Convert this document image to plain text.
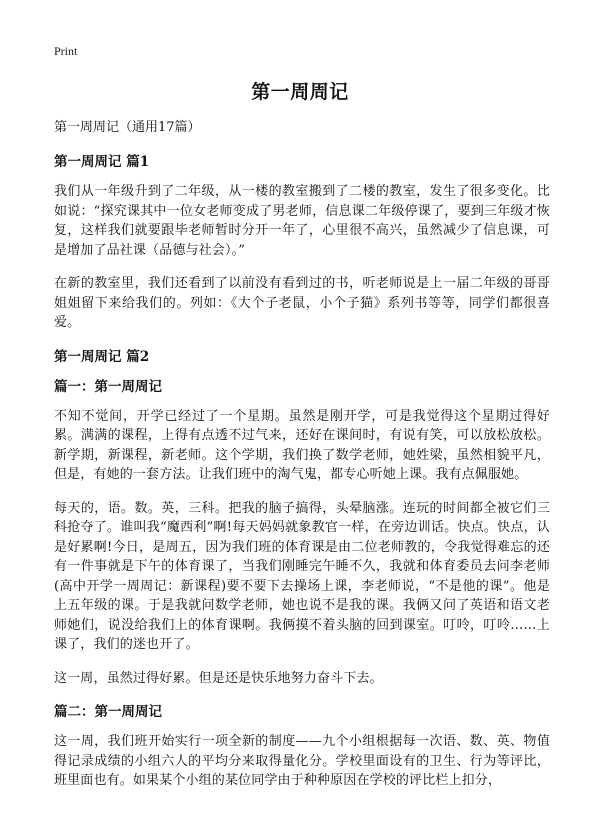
Print
第一周周记

第一周周记（通用17篇）

第一周周记 篇1

我们从一年级升到了二年级，从一楼的教室搬到了二楼的教室，发生了很多变化。比如说：“探究课其中一位女老师变成了男老师，信息课二年级停课了，要到三年级才恢复，这样我们就要跟毕老师暂时分开一年了，心里很不高兴，虽然减少了信息课，可是增加了品社课（品德与社会）。”

在新的教室里，我们还看到了以前没有看到过的书，听老师说是上一届二年级的哥哥姐姐留下来给我们的。列如：《大个子老鼠，小个子猫》系列书等等，同学们都很喜爱。

第一周周记 篇2

篇一：第一周周记

不知不觉间，开学已经过了一个星期。虽然是刚开学，可是我觉得这个星期过得好累。满满的课程，上得有点透不过气来，还好在课间时，有说有笑，可以放松放松。新学期，新课程，新老师。这个学期，我们换了数学老师，她姓梁，虽然相貌平凡，但是，有她的一套方法。让我们班中的淘气鬼，都专心听她上课。我有点佩服她。

每天的，语。数。英，三科。把我的脑子搞得，头晕脑涨。连玩的时间都全被它们三科抢夺了。谁叫我“魔西利”啊!每天妈妈就象教官一样，在旁边训话。快点。快点，认是好累啊!今日，是周五，因为我们班的体育课是由二位老师教的，令我觉得难忘的还有一件事就是下午的体育课了，当我们刚睡完午睡不久，我就和体育委员去问李老师(高中开学一周周记：新课程)要不要下去操场上课，李老师说，“不是他的课”。他是上五年级的课。于是我就问数学老师，她也说不是我的课。我俩又问了英语和语文老师她们，说没给我们上的体育课啊。我俩摸不着头脑的回到课室。叮呤，叮呤……上课了，我们的迷也开了。

这一周，虽然过得好累。但是还是快乐地努力奋斗下去。

篇二：第一周周记

这一周，我们班开始实行一项全新的制度——九个小组根据每一次语、数、英、物值得记录成绩的小组六人的平均分来取得量化分。学校里面设有的卫生、行为等评比，班里面也有。如果某个小组的某位同学由于种种原因在学校的评比栏上扣分，
